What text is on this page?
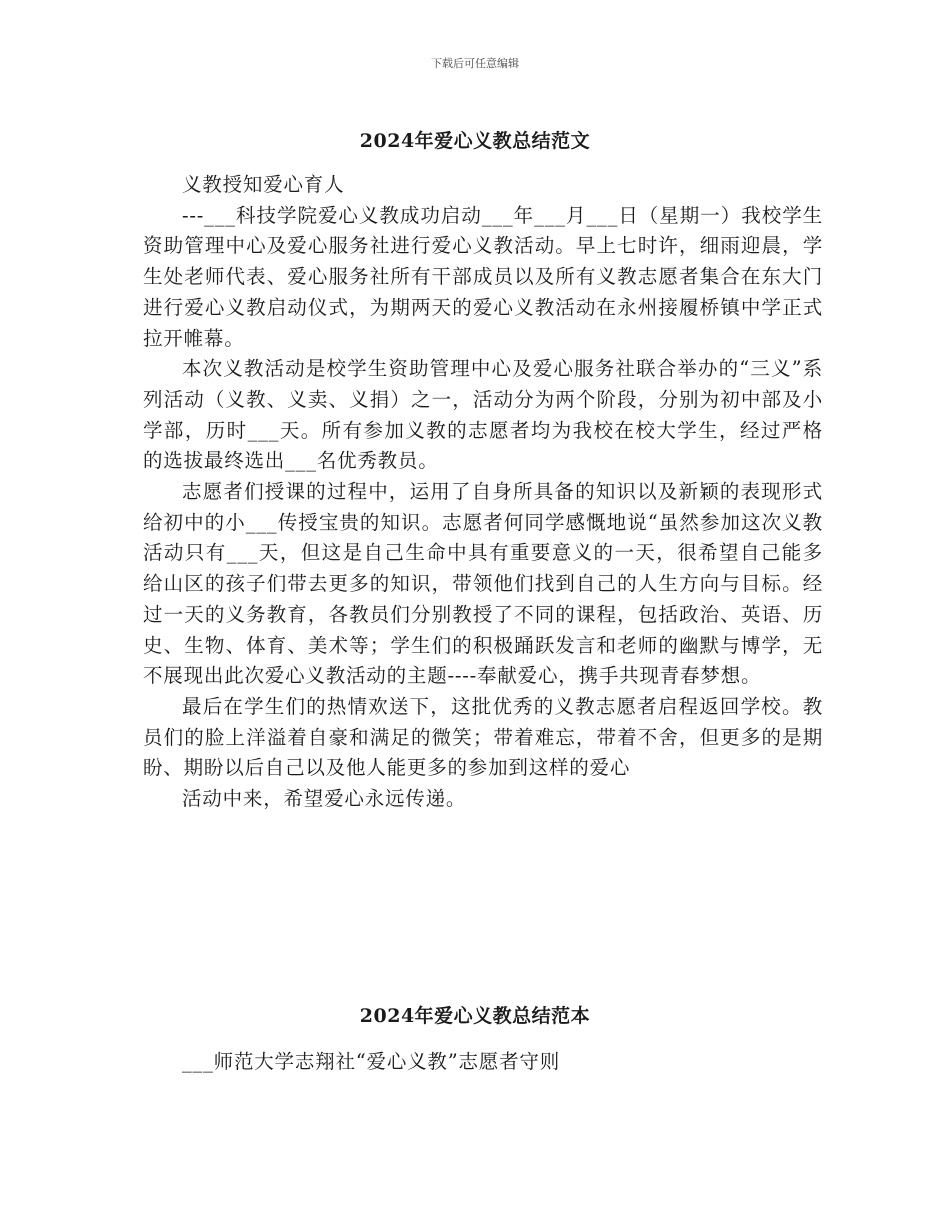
下载后可任意编辑
2024年爱心义教总结范文

义教授知爱心育人

---___科技学院爱心义教成功启动___年___月___日（星期一）我校学生资助管理中心及爱心服务社进行爱心义教活动。早上七时许，细雨迎晨，学生处老师代表、爱心服务社所有干部成员以及所有义教志愿者集合在东大门进行爱心义教启动仪式，为期两天的爱心义教活动在永州接履桥镇中学正式拉开帷幕。

本次义教活动是校学生资助管理中心及爱心服务社联合举办的“三义”系列活动（义教、义卖、义捐）之一，活动分为两个阶段，分别为初中部及小学部，历时___天。所有参加义教的志愿者均为我校在校大学生，经过严格的选拔最终选出___名优秀教员。

志愿者们授课的过程中，运用了自身所具备的知识以及新颖的表现形式给初中的小___传授宝贵的知识。志愿者何同学感慨地说“虽然参加这次义教活动只有___天，但这是自己生命中具有重要意义的一天，很希望自己能多给山区的孩子们带去更多的知识，带领他们找到自己的人生方向与目标。经过一天的义务教育，各教员们分别教授了不同的课程，包括政治、英语、历史、生物、体育、美术等；学生们的积极踊跃发言和老师的幽默与博学，无不展现出此次爱心义教活动的主题----奉献爱心，携手共现青春梦想。

最后在学生们的热情欢送下，这批优秀的义教志愿者启程返回学校。教员们的脸上洋溢着自豪和满足的微笑；带着难忘，带着不舍，但更多的是期盼、期盼以后自己以及他人能更多的参加到这样的爱心

活动中来，希望爱心永远传递。

2024年爱心义教总结范本

___师范大学志翔社“爱心义教”志愿者守则
